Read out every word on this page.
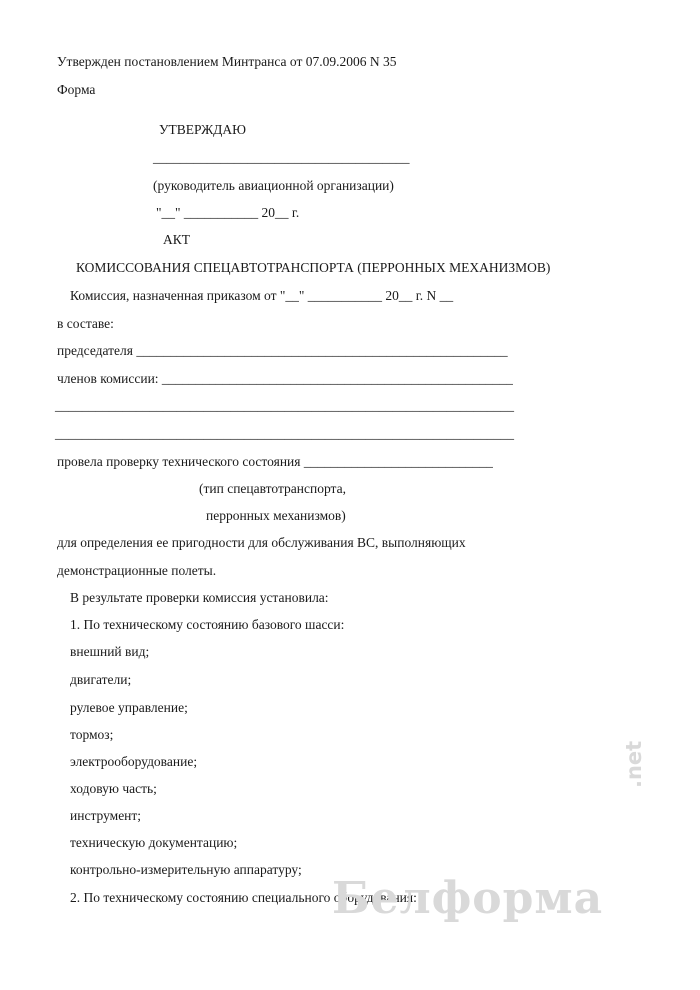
Утвержден постановлением Минтранса от 07.09.2006 N 35
Форма
УТВЕРЖДАЮ
______________________________________
(руководитель авиационной организации)
"__" ___________ 20__ г.
АКТ
КОМИССОВАНИЯ СПЕЦАВТОТРАНСПОРТА (ПЕРРОННЫХ МЕХАНИЗМОВ)
Комиссия, назначенная приказом от "__" ___________ 20__ г. N __
в составе:
председателя _______________________________________________________
членов комиссии: ____________________________________________________
____________________________________________________________________
____________________________________________________________________
провела проверку технического состояния ____________________________
(тип спецавтотранспорта,
перронных механизмов)
для определения ее пригодности для обслуживания ВС, выполняющих
демонстрационные полеты.
В результате проверки комиссия установила:
1. По техническому состоянию базового шасси:
внешний вид;
двигатели;
рулевое управление;
тормоз;
электрооборудование;
ходовую часть;
инструмент;
техническую документацию;
контрольно-измерительную аппаратуру;
2. По техническому состоянию специального оборудования:
Белформа
.net
